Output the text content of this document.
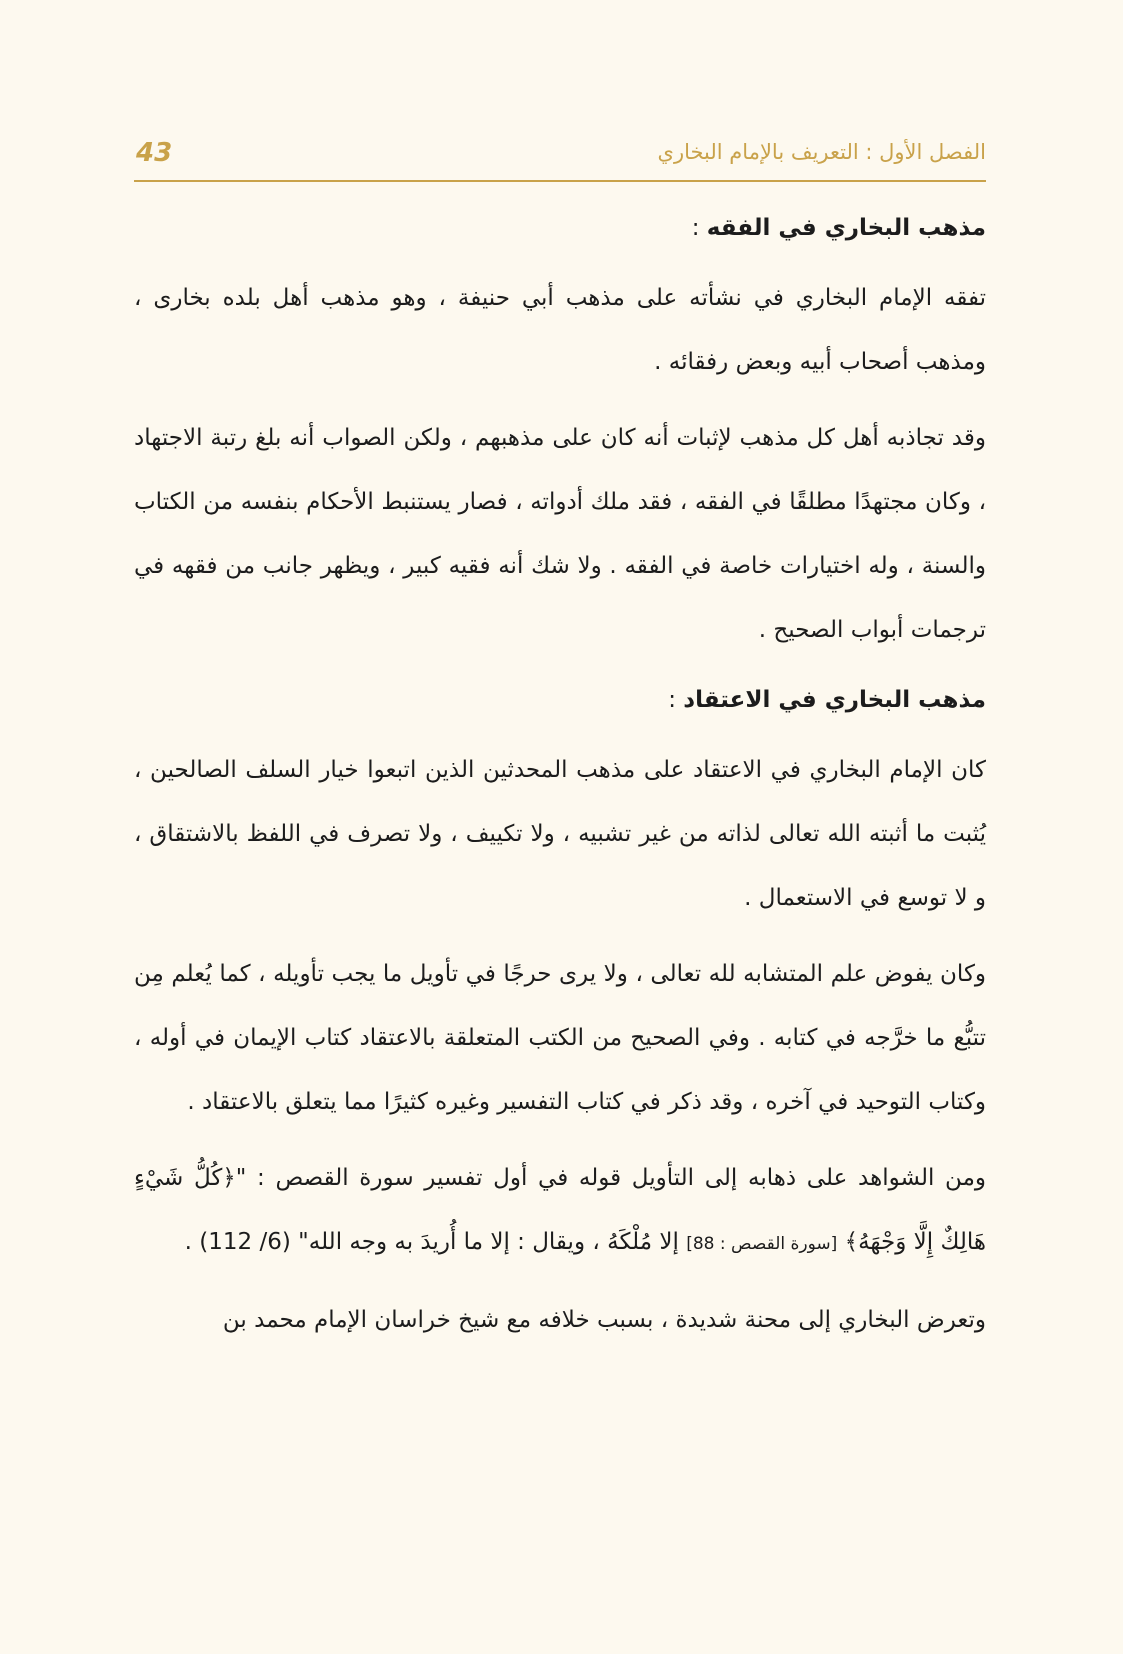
43	الفصل الأول : التعريف بالإمام البخاري
مذهب البخاري في الفقه :

تفقه الإمام البخاري في نشأته على مذهب أبي حنيفة ، وهو مذهب أهل بلده بخارى ، ومذهب أصحاب أبيه وبعض رفقائه .

وقد تجاذبه أهل كل مذهب لإثبات أنه كان على مذهبهم ، ولكن الصواب أنه بلغ رتبة الاجتهاد ، وكان مجتهدًا مطلقًا في الفقه ، فقد ملك أدواته ، فصار يستنبط الأحكام بنفسه من الكتاب والسنة ، وله اختيارات خاصة في الفقه . ولا شك أنه فقيه كبير ، ويظهر جانب من فقهه في ترجمات أبواب الصحيح .

مذهب البخاري في الاعتقاد :

كان الإمام البخاري في الاعتقاد على مذهب المحدثين الذين اتبعوا خيار السلف الصالحين ، يُثبت ما أثبته الله تعالى لذاته من غير تشبيه ، ولا تكييف ، ولا تصرف في اللفظ بالاشتقاق ، و لا توسع في الاستعمال .

وكان يفوض علم المتشابه لله تعالى ، ولا يرى حرجًا في تأويل ما يجب تأويله ، كما يُعلم مِن تتبُّع ما خرَّجه في كتابه . وفي الصحيح من الكتب المتعلقة بالاعتقاد كتاب الإيمان في أوله ، وكتاب التوحيد في آخره ، وقد ذكر في كتاب التفسير وغيره كثيرًا مما يتعلق بالاعتقاد .

ومن الشواهد على ذهابه إلى التأويل قوله في أول تفسير سورة القصص : "﴿كُلُّ شَيْءٍ هَالِكٌ إِلَّا وَجْهَهُ﴾ [سورة القصص : 88] إلا مُلْكَهُ ، ويقال : إلا ما أُريدَ به وجه الله" (6/ 112) .

وتعرض البخاري إلى محنة شديدة ، بسبب خلافه مع شيخ خراسان الإمام محمد بن
